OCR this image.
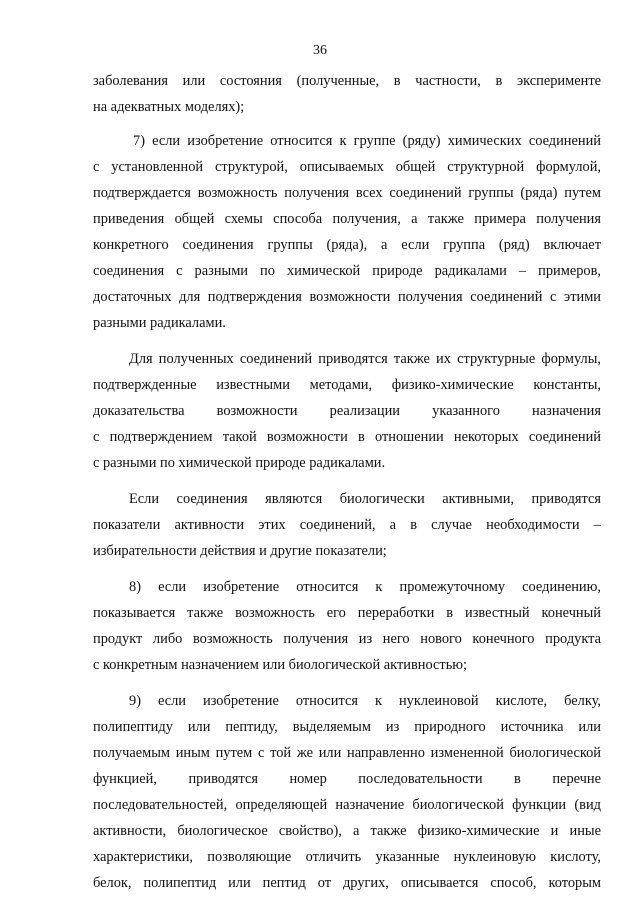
36
заболевания или состояния (полученные, в частности, в эксперименте
на адекватных моделях);
7) если изобретение относится к группе (ряду) химических соединений
с установленной структурой, описываемых общей структурной формулой,
подтверждается возможность получения всех соединений группы (ряда) путем
приведения общей схемы способа получения, а также примера получения
конкретного соединения группы (ряда), а если группа (ряд) включает
соединения с разными по химической природе радикалами – примеров,
достаточных для подтверждения возможности получения соединений с этими
разными радикалами.
Для полученных соединений приводятся также их структурные формулы,
подтвержденные известными методами, физико-химические константы,
доказательства возможности реализации указанного назначения
с подтверждением такой возможности в отношении некоторых соединений
с разными по химической природе радикалами.
Если соединения являются биологически активными, приводятся
показатели активности этих соединений, а в случае необходимости –
избирательности действия и другие показатели;
8) если изобретение относится к промежуточному соединению,
показывается также возможность его переработки в известный конечный
продукт либо возможность получения из него нового конечного продукта
с конкретным назначением или биологической активностью;
9) если изобретение относится к нуклеиновой кислоте, белку,
полипептиду или пептиду, выделяемым из природного источника или
получаемым иным путем с той же или направленно измененной биологической
функцией, приводятся номер последовательности в перечне
последовательностей, определяющей назначение биологической функции (вид
активности, биологическое свойство), а также физико-химические и иные
характеристики, позволяющие отличить указанные нуклеиновую кислоту,
белок, полипептид или пептид от других, описывается способ, которым
